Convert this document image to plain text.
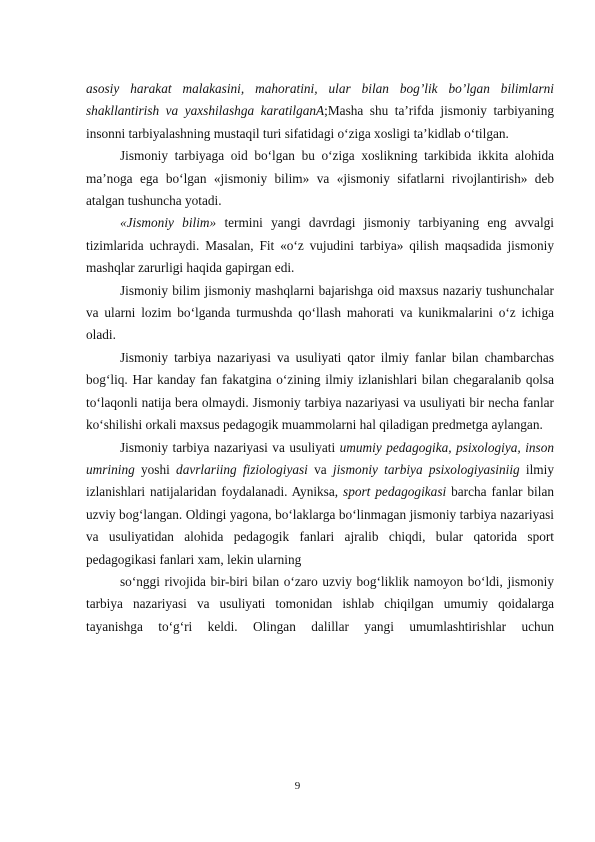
asosiy harakat malakasini, mahoratini, ular bilan bog’lik bo’lgan bilimlarni shakllantirish va yaxshilashga karatilganА;Masha shu ta’rifda jismoniy tarbiyaning insonni tarbiyalashning mustaqil turi sifatidagi o‘ziga xosligi ta’kidlab o‘tilgan.

Jismoniy tarbiyaga oid bo‘lgan bu o‘ziga xoslikning tarkibida ikkita alohida ma’noga ega bo‘lgan «jismoniy bilim» va «jismoniy sifatlarni rivojlantirish» deb atalgan tushuncha yotadi.

«Jismoniy bilim» termini yangi davrdagi jismoniy tarbiyaning eng avvalgi tizimlarida uchraydi. Masalan, Fit «o‘z vujudini tarbiya» qilish maqsadida jismoniy mashqlar zarurligi haqida gapirgan edi.

Jismoniy bilim jismoniy mashqlarni bajarishga oid maxsus nazariy tushunchalar va ularni lozim bo‘lganda turmushda qo‘llash mahorati va kunikmalarini o‘z ichiga oladi.

Jismoniy tarbiya nazariyasi va usuliyati qator ilmiy fanlar bilan chambarchas bog‘liq. Har kanday fan fakatgina o‘zining ilmiy izlanishlari bilan chegaralanib qolsa to‘laqonli natija bera olmaydi. Jismoniy tarbiya nazariyasi va usuliyati bir necha fanlar ko‘shilishi orkali maxsus pedagogik muammolarni hal qiladigan predmetga aylangan.

Jismoniy tarbiya nazariyasi va usuliyati umumiy pedagogika, psixologiya, inson umrining yoshi davrlariing fiziologiyasi va jismoniy tarbiya psixologiyasiniig ilmiy izlanishlari natijalaridan foydalanadi. Ayniksa, sport pedagogikasi barcha fanlar bilan uzviy bog‘langan. Oldingi yagona, bo‘laklarga bo‘linmagan jismoniy tarbiya nazariyasi va usuliyatidan alohida pedagogik fanlari ajralib chiqdi, bular qatorida sport pedagogikasi fanlari xam, lekin ularning

so‘nggi rivojida bir-biri bilan o‘zaro uzviy bog‘liklik namoyon bo‘ldi, jismoniy tarbiya nazariyasi va usuliyati tomonidan ishlab chiqilgan umumiy qoidalarga tayanishga to‘g‘ri keldi. Olingan dalillar yangi umumlashtirishlar uchun

9
